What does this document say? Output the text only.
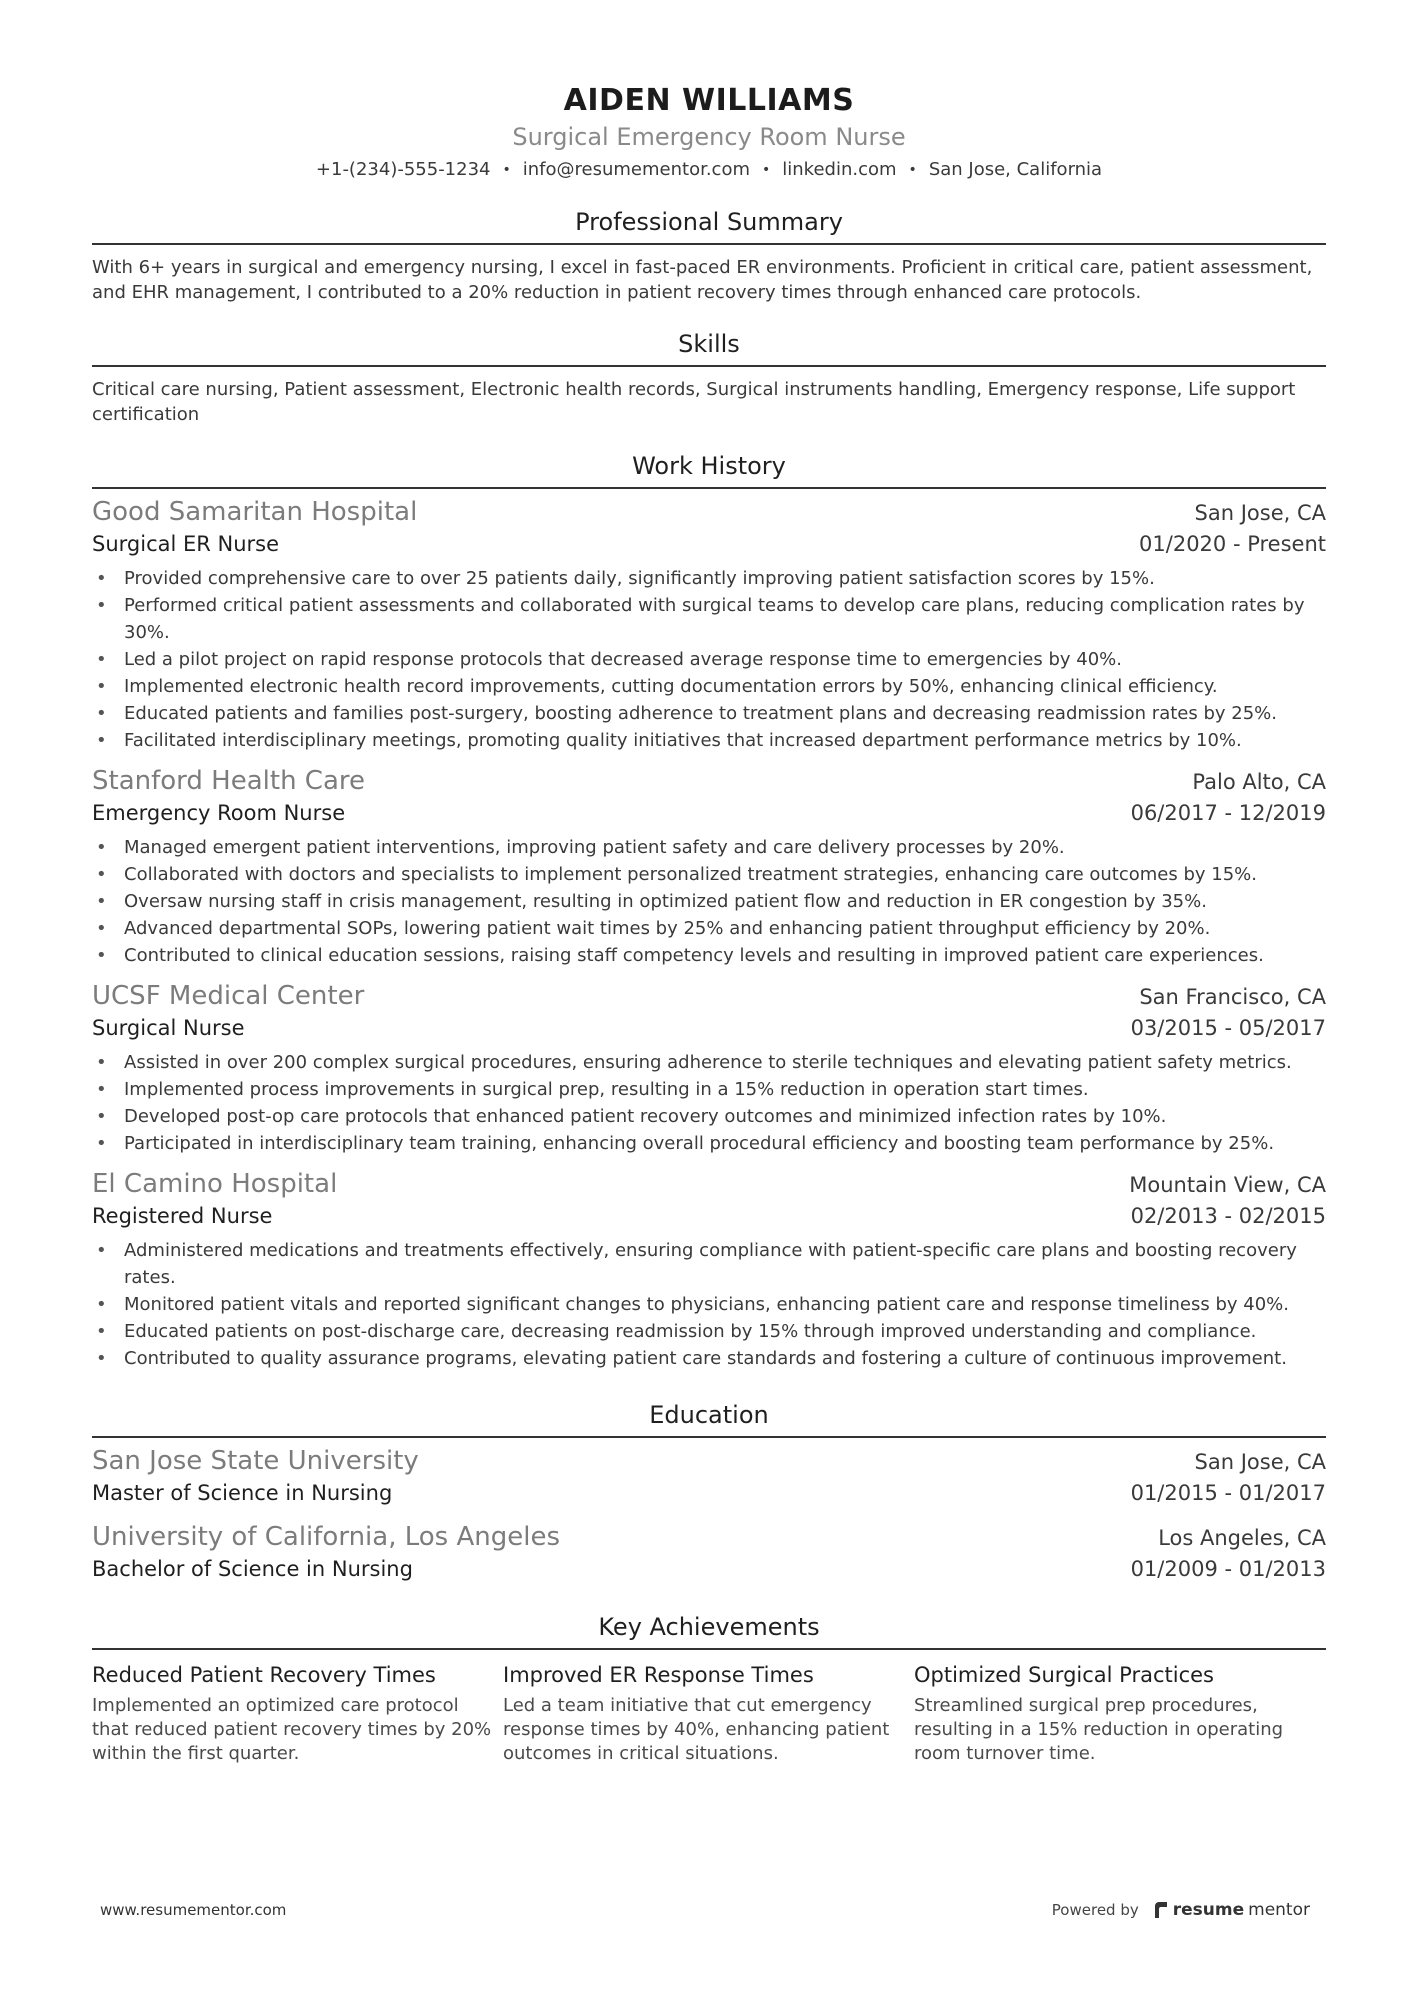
AIDEN WILLIAMS
Surgical Emergency Room Nurse
+1-(234)-555-1234 • info@resumementor.com • linkedin.com • San Jose, California
Professional Summary
With 6+ years in surgical and emergency nursing, I excel in fast-paced ER environments. Proficient in critical care, patient assessment, and EHR management, I contributed to a 20% reduction in patient recovery times through enhanced care protocols.
Skills
Critical care nursing, Patient assessment, Electronic health records, Surgical instruments handling, Emergency response, Life support certification
Work History
Good Samaritan Hospital	San Jose, CA
Surgical ER Nurse	01/2020 - Present
• Provided comprehensive care to over 25 patients daily, significantly improving patient satisfaction scores by 15%.
• Performed critical patient assessments and collaborated with surgical teams to develop care plans, reducing complication rates by 30%.
• Led a pilot project on rapid response protocols that decreased average response time to emergencies by 40%.
• Implemented electronic health record improvements, cutting documentation errors by 50%, enhancing clinical efficiency.
• Educated patients and families post-surgery, boosting adherence to treatment plans and decreasing readmission rates by 25%.
• Facilitated interdisciplinary meetings, promoting quality initiatives that increased department performance metrics by 10%.
Stanford Health Care	Palo Alto, CA
Emergency Room Nurse	06/2017 - 12/2019
• Managed emergent patient interventions, improving patient safety and care delivery processes by 20%.
• Collaborated with doctors and specialists to implement personalized treatment strategies, enhancing care outcomes by 15%.
• Oversaw nursing staff in crisis management, resulting in optimized patient flow and reduction in ER congestion by 35%.
• Advanced departmental SOPs, lowering patient wait times by 25% and enhancing patient throughput efficiency by 20%.
• Contributed to clinical education sessions, raising staff competency levels and resulting in improved patient care experiences.
UCSF Medical Center	San Francisco, CA
Surgical Nurse	03/2015 - 05/2017
• Assisted in over 200 complex surgical procedures, ensuring adherence to sterile techniques and elevating patient safety metrics.
• Implemented process improvements in surgical prep, resulting in a 15% reduction in operation start times.
• Developed post-op care protocols that enhanced patient recovery outcomes and minimized infection rates by 10%.
• Participated in interdisciplinary team training, enhancing overall procedural efficiency and boosting team performance by 25%.
El Camino Hospital	Mountain View, CA
Registered Nurse	02/2013 - 02/2015
• Administered medications and treatments effectively, ensuring compliance with patient-specific care plans and boosting recovery rates.
• Monitored patient vitals and reported significant changes to physicians, enhancing patient care and response timeliness by 40%.
• Educated patients on post-discharge care, decreasing readmission by 15% through improved understanding and compliance.
• Contributed to quality assurance programs, elevating patient care standards and fostering a culture of continuous improvement.
Education
San Jose State University	San Jose, CA
Master of Science in Nursing	01/2015 - 01/2017
University of California, Los Angeles	Los Angeles, CA
Bachelor of Science in Nursing	01/2009 - 01/2013
Key Achievements
Reduced Patient Recovery Times
Implemented an optimized care protocol that reduced patient recovery times by 20% within the first quarter.
Improved ER Response Times
Led a team initiative that cut emergency response times by 40%, enhancing patient outcomes in critical situations.
Optimized Surgical Practices
Streamlined surgical prep procedures, resulting in a 15% reduction in operating room turnover time.
www.resumementor.com	Powered by resume mentor
